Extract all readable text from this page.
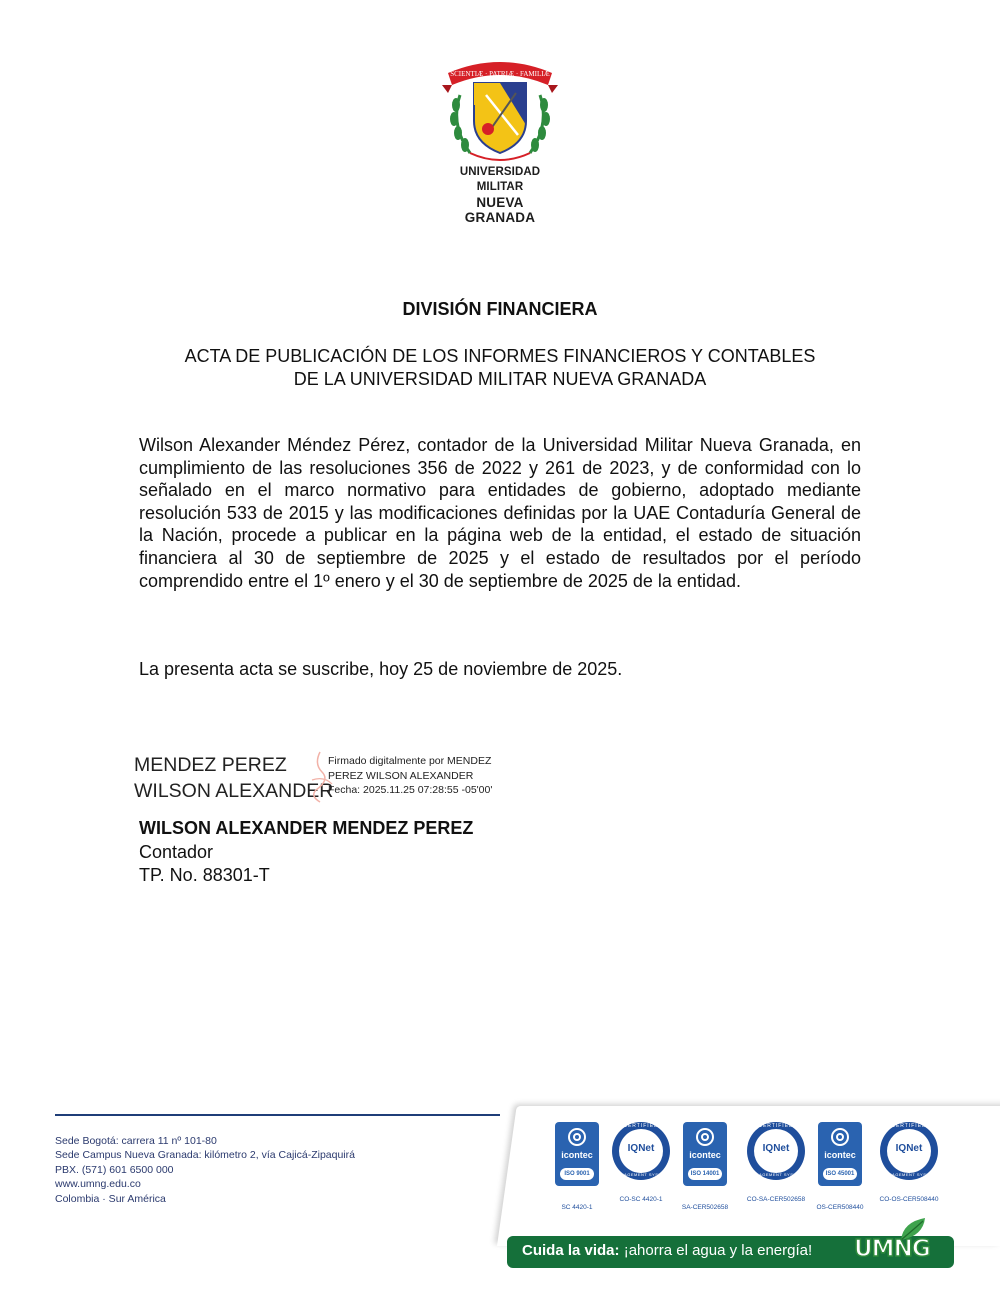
SCIENTIÆ · PATRIÆ · FAMILIÆ
UNIVERSIDAD MILITAR
NUEVA GRANADA
DIVISIÓN FINANCIERA
ACTA DE PUBLICACIÓN DE LOS INFORMES FINANCIEROS Y CONTABLES
DE LA UNIVERSIDAD MILITAR NUEVA GRANADA
Wilson Alexander Méndez Pérez, contador de la Universidad Militar Nueva Granada, en cumplimiento de las resoluciones 356 de 2022 y 261 de 2023, y de conformidad con lo señalado en el marco normativo para entidades de gobierno, adoptado mediante resolución 533 de 2015 y las modificaciones definidas por la UAE Contaduría General de la Nación, procede a publicar en la página web de la entidad, el estado de situación financiera al 30 de septiembre de 2025 y el estado de resultados por el período comprendido entre el 1º enero y el 30 de septiembre de 2025 de la entidad.
La presenta acta se suscribe, hoy 25 de noviembre de 2025.
MENDEZ PEREZ
WILSON ALEXANDER
Firmado digitalmente por MENDEZ
PEREZ WILSON ALEXANDER
Fecha: 2025.11.25 07:28:55 -05'00'
WILSON ALEXANDER MENDEZ PEREZ
Contador
TP. No. 88301-T
Sede Bogotá: carrera 11 nº 101-80
Sede Campus Nueva Granada: kilómetro 2, vía Cajicá-Zipaquirá
PBX. (571) 601 6500 000
www.umng.edu.co
Colombia · Sur América
icontec
ISO 9001
SC 4420-1
CERTIFIED
IQNet
MANAGEMENT SYSTEM
CO-SC 4420-1
icontec
ISO 14001
SA-CER502658
CERTIFIED
IQNet
MANAGEMENT SYSTEM
CO-SA-CER502658
icontec
ISO 45001
OS-CER508440
CERTIFIED
IQNet
MANAGEMENT SYSTEM
CO-OS-CER508440
Cuida la vida: ¡ahorra el agua y la energía! UMNG
